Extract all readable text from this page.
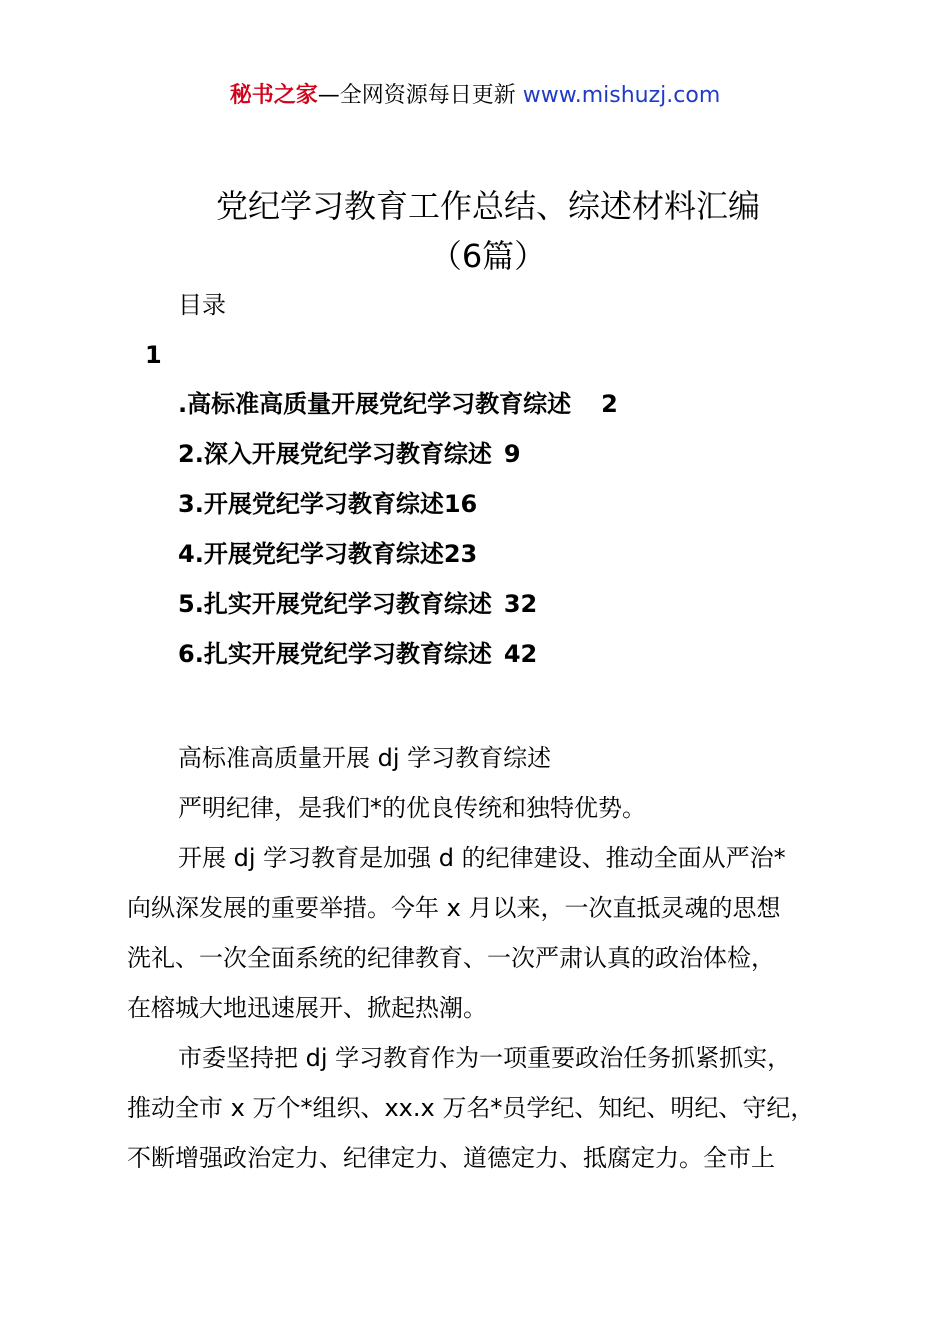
秘书之家—全网资源每日更新 www.mishuzj.com
党纪学习教育工作总结、综述材料汇编
（6篇）
目录
1
.高标准高质量开展党纪学习教育综述 2
2.深入开展党纪学习教育综述 9
3.开展党纪学习教育综述16
4.开展党纪学习教育综述23
5.扎实开展党纪学习教育综述 32
6.扎实开展党纪学习教育综述 42

高标准高质量开展 dj 学习教育综述

严明纪律，是我们*的优良传统和独特优势。

开展 dj 学习教育是加强 d 的纪律建设、推动全面从严治*

向纵深发展的重要举措。今年 x 月以来，一次直抵灵魂的思想

洗礼、一次全面系统的纪律教育、一次严肃认真的政治体检，

在榕城大地迅速展开、掀起热潮。

市委坚持把 dj 学习教育作为一项重要政治任务抓紧抓实，

推动全市 x 万个*组织、xx.x 万名*员学纪、知纪、明纪、守纪，

不断增强政治定力、纪律定力、道德定力、抵腐定力。全市上
